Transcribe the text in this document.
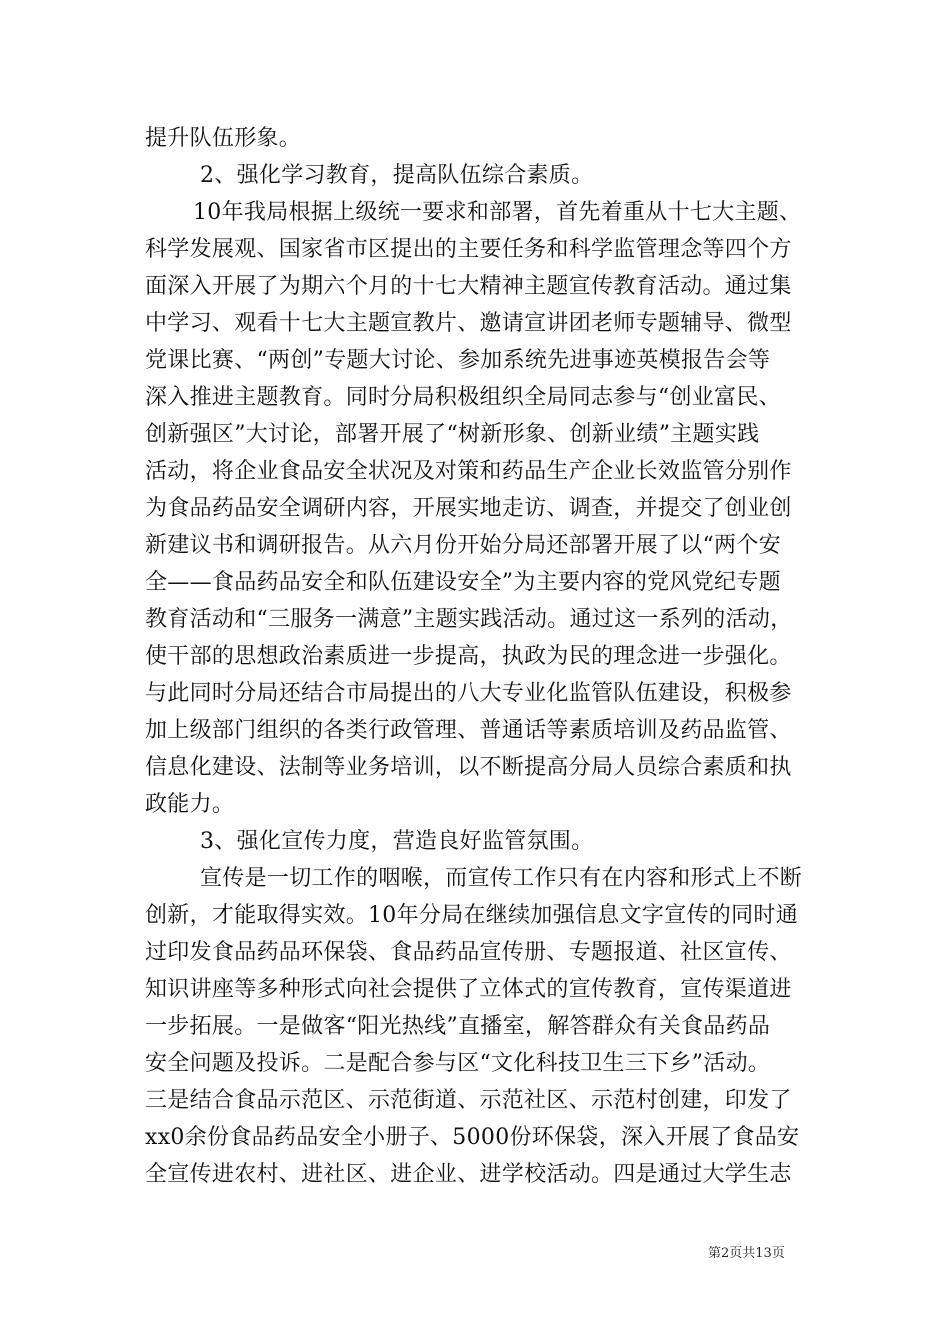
提升队伍形象。
2、强化学习教育，提高队伍综合素质。
10年我局根据上级统一要求和部署，首先着重从十七大主题、
科学发展观、国家省市区提出的主要任务和科学监管理念等四个方
面深入开展了为期六个月的十七大精神主题宣传教育活动。通过集
中学习、观看十七大主题宣教片、邀请宣讲团老师专题辅导、微型
党课比赛、“两创”专题大讨论、参加系统先进事迹英模报告会等
深入推进主题教育。同时分局积极组织全局同志参与“创业富民、
创新强区”大讨论，部署开展了“树新形象、创新业绩”主题实践
活动，将企业食品安全状况及对策和药品生产企业长效监管分别作
为食品药品安全调研内容，开展实地走访、调查，并提交了创业创
新建议书和调研报告。从六月份开始分局还部署开展了以“两个安
全——食品药品安全和队伍建设安全”为主要内容的党风党纪专题
教育活动和“三服务一满意”主题实践活动。通过这一系列的活动，
使干部的思想政治素质进一步提高，执政为民的理念进一步强化。
与此同时分局还结合市局提出的八大专业化监管队伍建设，积极参
加上级部门组织的各类行政管理、普通话等素质培训及药品监管、
信息化建设、法制等业务培训，以不断提高分局人员综合素质和执
政能力。
3、强化宣传力度，营造良好监管氛围。
宣传是一切工作的咽喉，而宣传工作只有在内容和形式上不断
创新，才能取得实效。10年分局在继续加强信息文字宣传的同时通
过印发食品药品环保袋、食品药品宣传册、专题报道、社区宣传、
知识讲座等多种形式向社会提供了立体式的宣传教育，宣传渠道进
一步拓展。一是做客“阳光热线”直播室，解答群众有关食品药品
安全问题及投诉。二是配合参与区“文化科技卫生三下乡”活动。
三是结合食品示范区、示范街道、示范社区、示范村创建，印发了
xx0余份食品药品安全小册子、5000份环保袋，深入开展了食品安
全宣传进农村、进社区、进企业、进学校活动。四是通过大学生志
第2页共13页
